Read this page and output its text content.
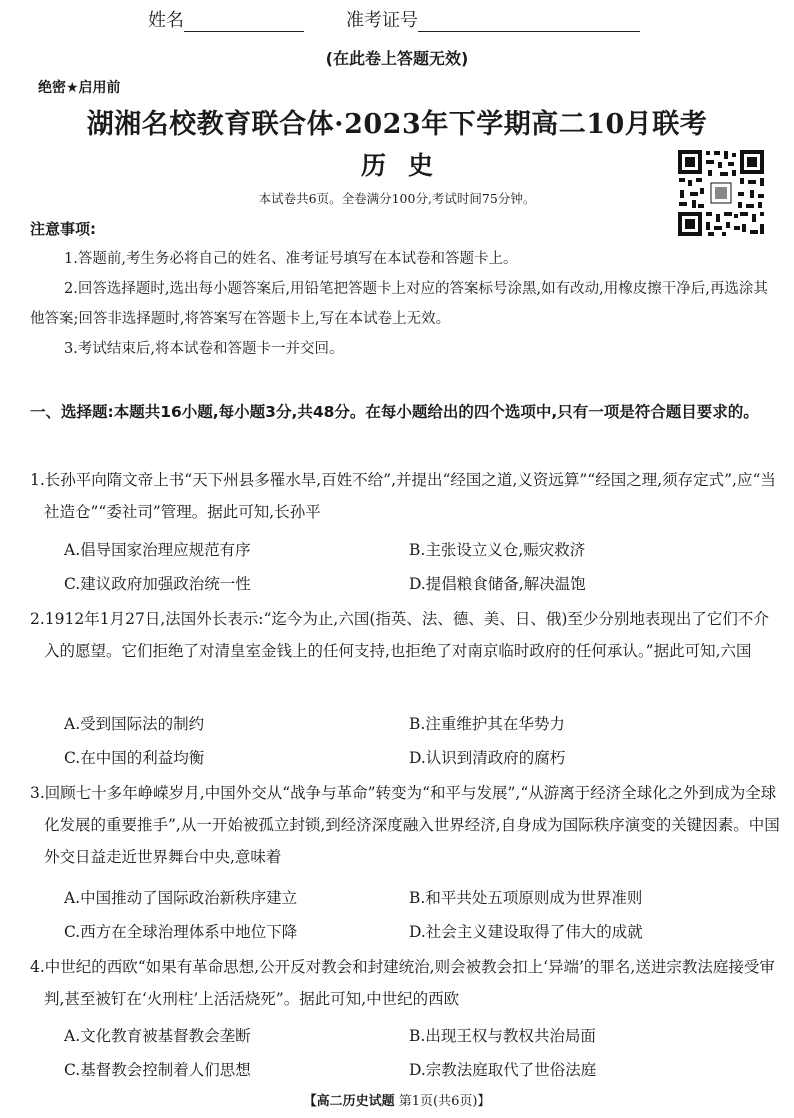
姓名	准考证号
(在此卷上答题无效)
绝密★启用前
湖湘名校教育联合体·2023年下学期高二10月联考
历史
本试卷共6页。全卷满分100分,考试时间75分钟。
注意事项:
1.答题前,考生务必将自己的姓名、准考证号填写在本试卷和答题卡上。
2.回答选择题时,选出每小题答案后,用铅笔把答题卡上对应的答案标号涂黑,如有改动,用橡皮擦干净后,再选涂其他答案;回答非选择题时,将答案写在答题卡上,写在本试卷上无效。
3.考试结束后,将本试卷和答题卡一并交回。
一、选择题:本题共16小题,每小题3分,共48分。在每小题给出的四个选项中,只有一项是符合题目要求的。
1.长孙平向隋文帝上书“天下州县多罹水旱,百姓不给”,并提出“经国之道,义资远算”“经国之理,须存定式”,应“当社造仓”“委社司”管理。据此可知,长孙平
A.倡导国家治理应规范有序	B.主张设立义仓,赈灾救济
C.建议政府加强政治统一性	D.提倡粮食储备,解决温饱
2.1912年1月27日,法国外长表示:“迄今为止,六国(指英、法、德、美、日、俄)至少分别地表现出了它们不介入的愿望。它们拒绝了对清皇室金钱上的任何支持,也拒绝了对南京临时政府的任何承认。”据此可知,六国
A.受到国际法的制约	B.注重维护其在华势力
C.在中国的利益均衡	D.认识到清政府的腐朽
3.回顾七十多年峥嵘岁月,中国外交从“战争与革命”转变为“和平与发展”,“从游离于经济全球化之外到成为全球化发展的重要推手”,从一开始被孤立封锁,到经济深度融入世界经济,自身成为国际秩序演变的关键因素。中国外交日益走近世界舞台中央,意味着
A.中国推动了国际政治新秩序建立	B.和平共处五项原则成为世界准则
C.西方在全球治理体系中地位下降	D.社会主义建设取得了伟大的成就
4.中世纪的西欧“如果有革命思想,公开反对教会和封建统治,则会被教会扣上‘异端’的罪名,送进宗教法庭接受审判,甚至被钉在‘火刑柱’上活活烧死”。据此可知,中世纪的西欧
A.文化教育被基督教会垄断	B.出现王权与教权共治局面
C.基督教会控制着人们思想	D.宗教法庭取代了世俗法庭
【高二历史试题 第1页(共6页)】
